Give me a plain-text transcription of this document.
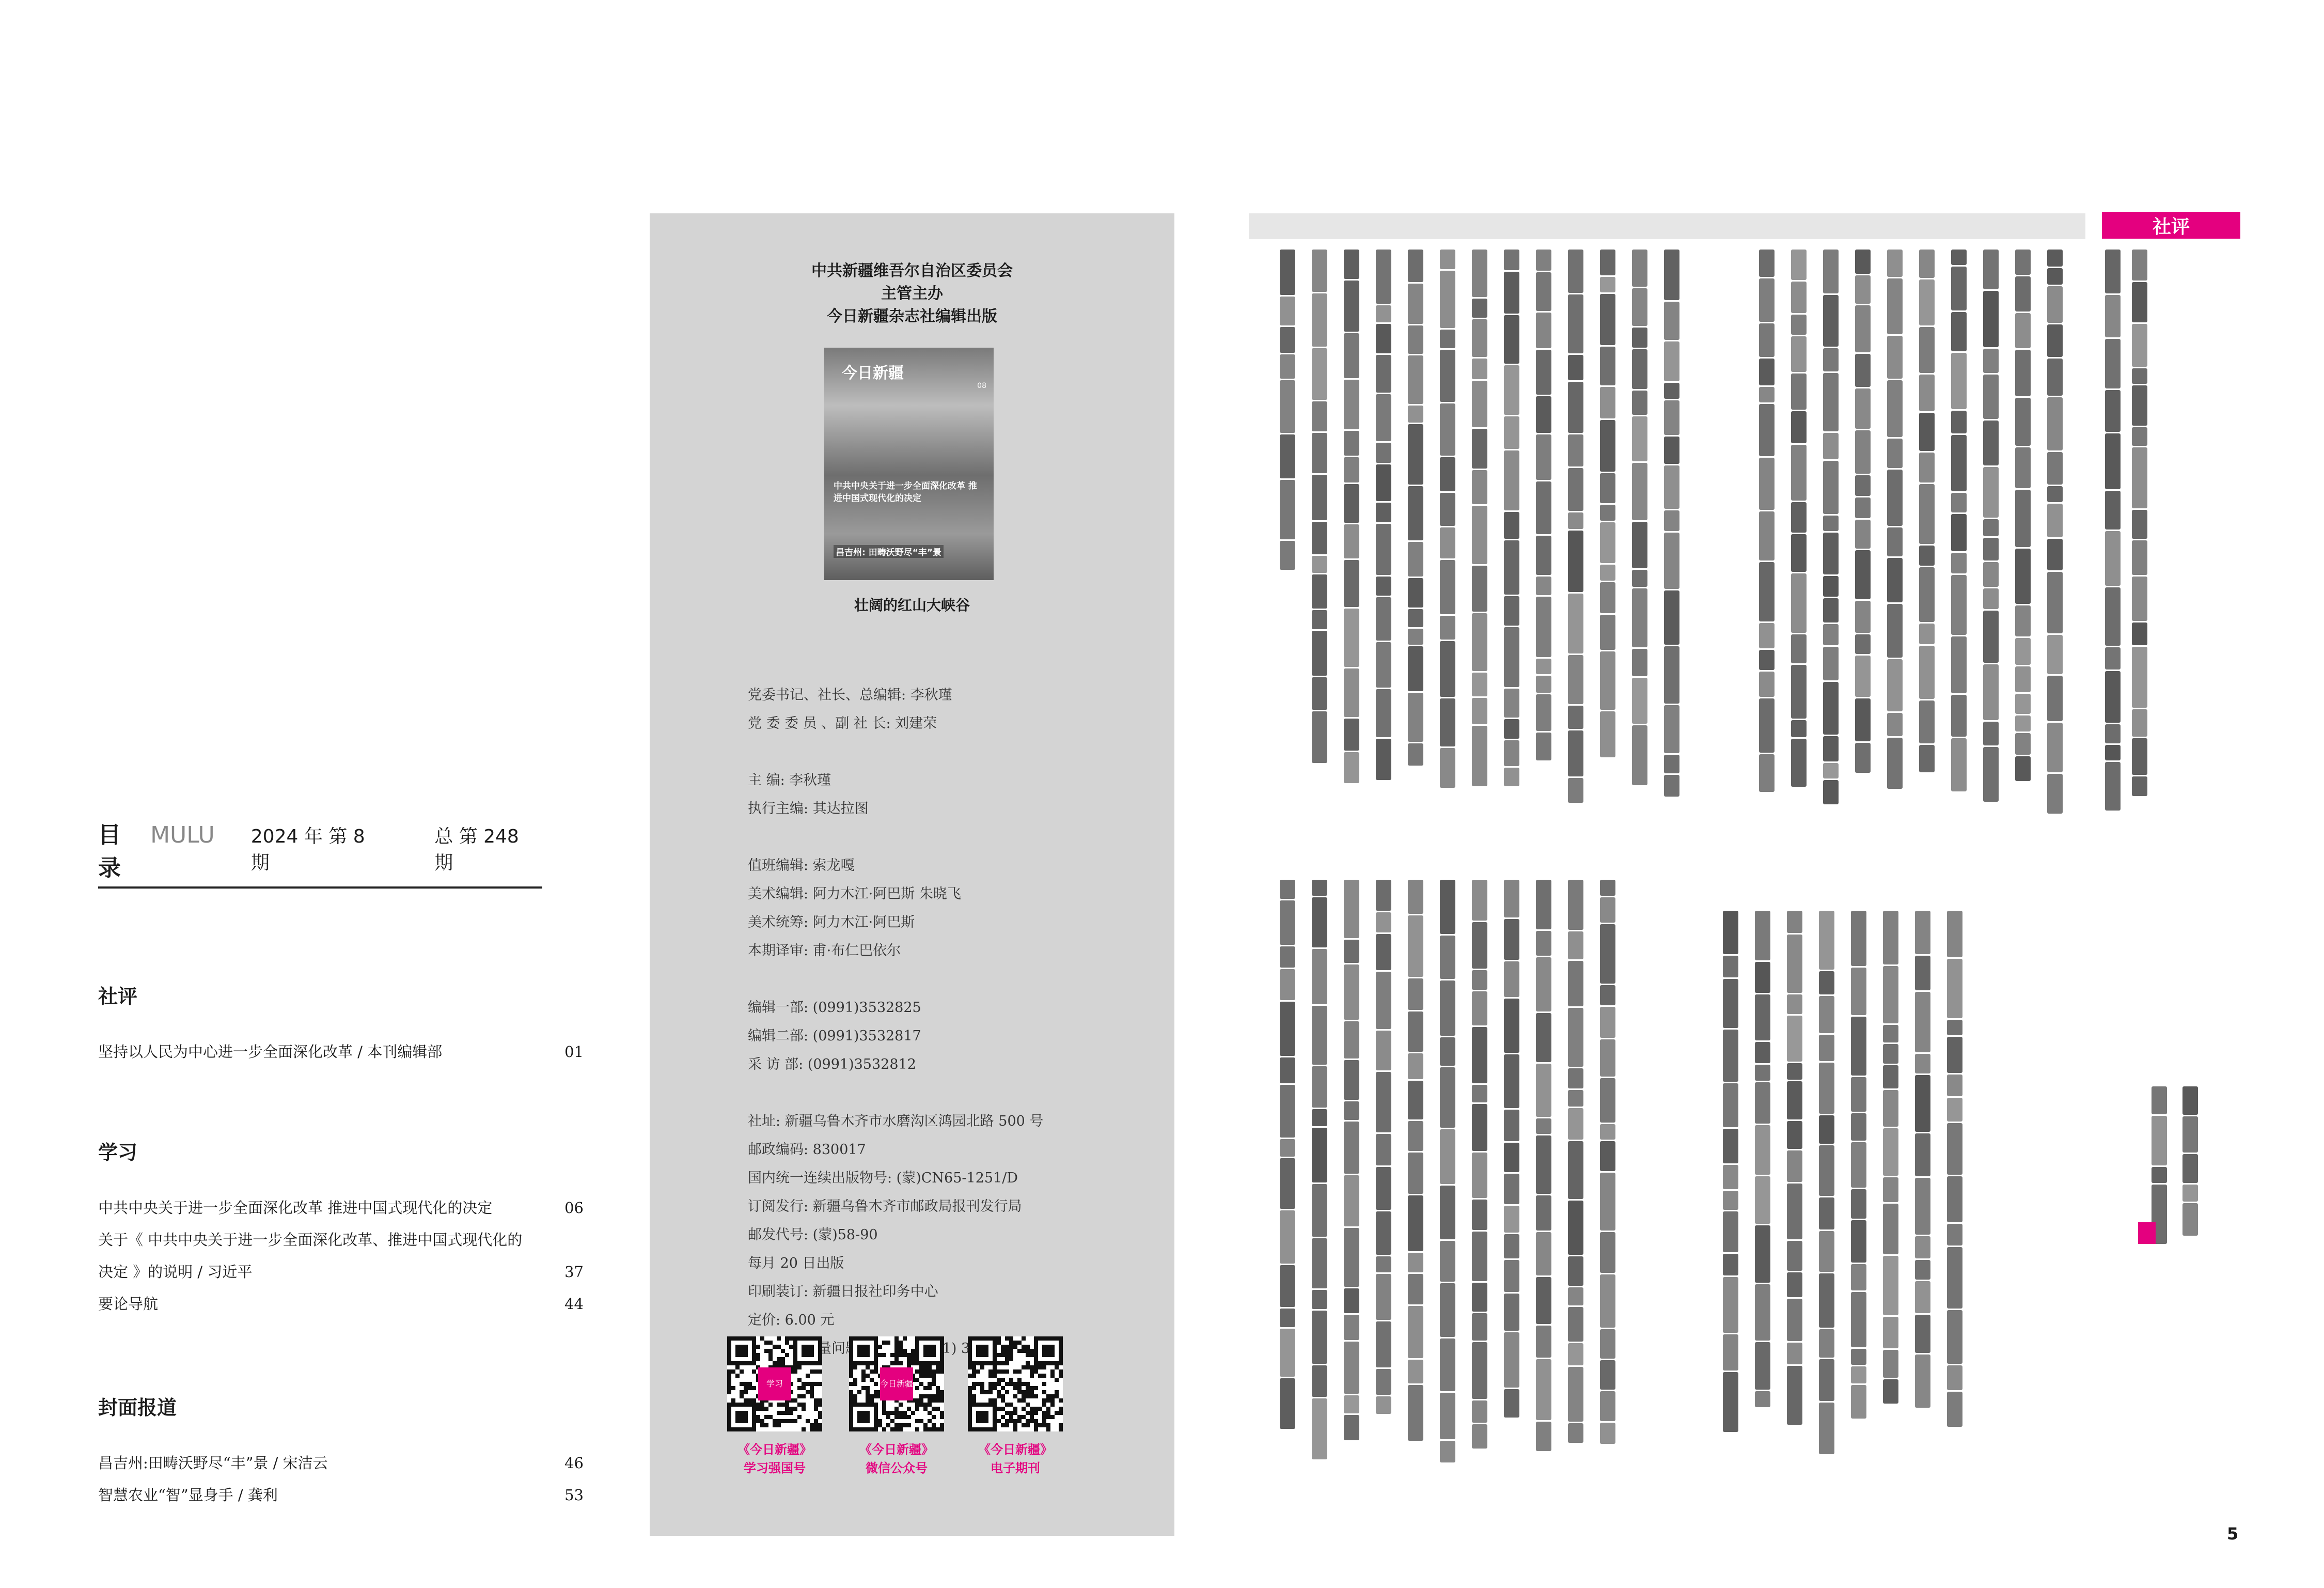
目录
MULU 2024 年 第 8 期
总 第 248 期
社评
坚持以人民为中心进一步全面深化改革 / 本刊编辑部	01
学习
中共中央关于进一步全面深化改革 推进中国式现代化的决定	06
关于《 中共中央关于进一步全面深化改革、推进中国式现代化的
决定 》的说明 / 习近平	37
要论导航	44
封面报道
昌吉州:田畴沃野尽“丰”景 / 宋洁云	46
智慧农业“智”显身手 / 龚利	53
中共新疆维吾尔自治区委员会
主管主办
今日新疆杂志社编辑出版
今日新疆
08
中共中央关于进一步全面深化改革 推进中国式现代化的决定
昌吉州: 田畴沃野尽“丰”景
壮阔的红山大峡谷
党委书记、社长、总编辑: 李秋瑾
党 委 委 员 、副 社 长: 刘建荣

主 编: 李秋瑾
执行主编: 其达拉图

值班编辑: 索龙嘎
美术编辑: 阿力木江·阿巴斯 朱晓飞
美术统筹: 阿力木江·阿巴斯
本期译审: 甫·布仁巴依尔

编辑一部: (0991)3532825
编辑二部: (0991)3532817
采 访 部: (0991)3532812

社址: 新疆乌鲁木齐市水磨沟区鸿园北路 500 号
邮政编码: 830017
国内统一连续出版物号: (蒙)CN65-1251/D
订阅发行: 新疆乌鲁木齐市邮政局报刊发行局
邮发代号: (蒙)58-90
每月 20 日出版
印刷装订: 新疆日报社印务中心
定价: 6.00 元
如有印装质量问题请联系:
学习	今日新疆
《今日新疆》
学习强国号
《今日新疆》
微信公众号
《今日新疆》
电子期刊
社评
5
